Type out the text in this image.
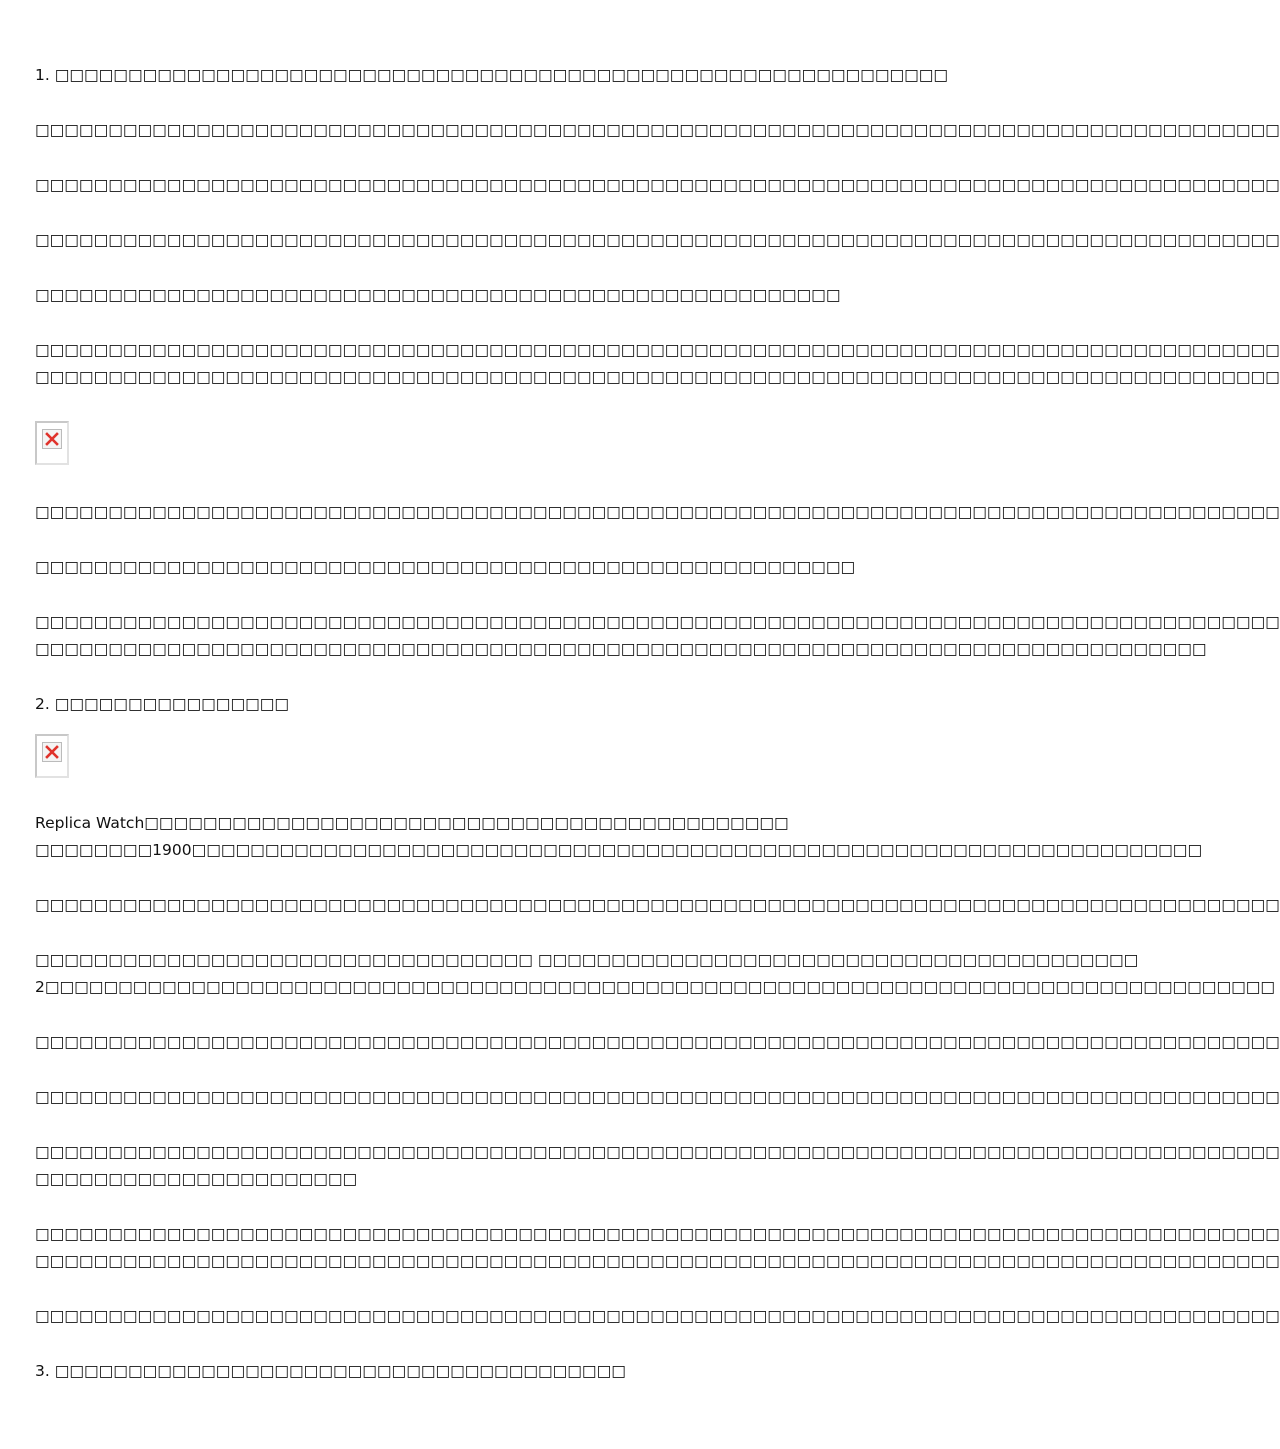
1. □□□□□□□□□□□□□□□□□□□□□□□□□□□□□□□□□□□□□□□□□□□□□□□□□□□□□□□□□□□□□
□□□□□□□□□□□□□□□□□□□□□□□□□□□□□□□□□□□□□□□□□□□□□□□□□□□□□□□□□□□□□□□□□□□□□□□□□□□□□□□□□□□□□
□□□□□□□□□□□□□□□□□□□□□□□□□□□□□□□□□□□□□□□□□□□□□□□□□□□□□□□□□□□□□□□□□□□□□□□□□□□□□□□□□□□□□
□□□□□□□□□□□□□□□□□□□□□□□□□□□□□□□□□□□□□□□□□□□□□□□□□□□□□□□□□□□□□□□□□□□□□□□□□□□□□□□□□□□□□
□□□□□□□□□□□□□□□□□□□□□□□□□□□□□□□□□□□□□□□□□□□□□□□□□□□□□□□
□□□□□□□□□□□□□□□□□□□□□□□□□□□□□□□□□□□□□□□□□□□□□□□□□□□□□□□□□□□□□□□□□□□□□□□□□□□□□□□□□□□□□
□□□□□□□□□□□□□□□□□□□□□□□□□□□□□□□□□□□□□□□□□□□□□□□□□□□□□□□□□□□□□□□□□□□□□□□□□□□□□□□□□□□□□
□□□□□□□□□□□□□□□□□□□□□□□□□□□□□□□□□□□□□□□□□□□□□□□□□□□□□□□□□□□□□□□□□□□□□□□□□□□□□□□□□□□□□
□□□□□□□□□□□□□□□□□□□□□□□□□□□□□□□□□□□□□□□□□□□□□□□□□□□□□□□□
□□□□□□□□□□□□□□□□□□□□□□□□□□□□□□□□□□□□□□□□□□□□□□□□□□□□□□□□□□□□□□□□□□□□□□□□□□□□□□□□□□□□□
□□□□□□□□□□□□□□□□□□□□□□□□□□□□□□□□□□□□□□□□□□□□□□□□□□□□□□□□□□□□□□□□□□□□□□□□□□□□□□□□
2. □□□□□□□□□□□□□□□□
Replica Watch□□□□□□□□□□□□□□□□□□□□□□□□□□□□□□□□□□□□□□□□□□□□
□□□□□□□□1900□□□□□□□□□□□□□□□□□□□□□□□□□□□□□□□□□□□□□□□□□□□□□□□□□□□□□□□□□□□□□□□□□□□□□
□□□□□□□□□□□□□□□□□□□□□□□□□□□□□□□□□□□□□□□□□□□□□□□□□□□□□□□□□□□□□□□□□□□□□□□□□□□□□□□□□□□□□
□□□□□□□□□□□□□□□□□□□□□□□□□□□□□□□□□□ □□□□□□□□□□□□□□□□□□□□□□□□□□□□□□□□□□□□□□□□□
2□□□□□□□□□□□□□□□□□□□□□□□□□□□□□□□□□□□□□□□□□□□□□□□□□□□□□□□□□□□□□□□□□□□□□□□□□□□□□□□□□□□□
□□□□□□□□□□□□□□□□□□□□□□□□□□□□□□□□□□□□□□□□□□□□□□□□□□□□□□□□□□□□□□□□□□□□□□□□□□□□□□□□□□□□□
□□□□□□□□□□□□□□□□□□□□□□□□□□□□□□□□□□□□□□□□□□□□□□□□□□□□□□□□□□□□□□□□□□□□□□□□□□□□□□□□□□□□□
□□□□□□□□□□□□□□□□□□□□□□□□□□□□□□□□□□□□□□□□□□□□□□□□□□□□□□□□□□□□□□□□□□□□□□□□□□□□□□□□□□□□□
□□□□□□□□□□□□□□□□□□□□□□
□□□□□□□□□□□□□□□□□□□□□□□□□□□□□□□□□□□□□□□□□□□□□□□□□□□□□□□□□□□□□□□□□□□□□□□□□□□□□□□□□□□□□
□□□□□□□□□□□□□□□□□□□□□□□□□□□□□□□□□□□□□□□□□□□□□□□□□□□□□□□□□□□□□□□□□□□□□□□□□□□□□□□□□□□□□
□□□□□□□□□□□□□□□□□□□□□□□□□□□□□□□□□□□□□□□□□□□□□□□□□□□□□□□□□□□□□□□□□□□□□□□□□□□□□□□□□□□□□
3. □□□□□□□□□□□□□□□□□□□□□□□□□□□□□□□□□□□□□□□
